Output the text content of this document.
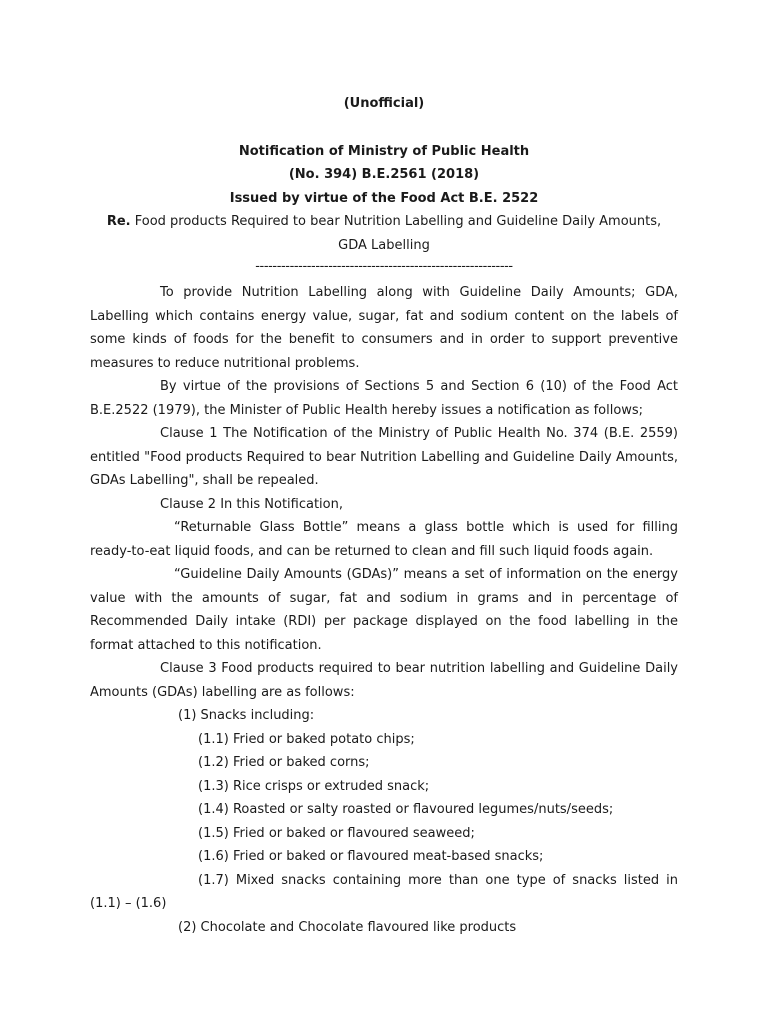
(Unofficial)
Notification of Ministry of Public Health
(No. 394) B.E.2561 (2018)
Issued by virtue of the Food Act B.E. 2522
Re. Food products Required to bear Nutrition Labelling and Guideline Daily Amounts,
GDA Labelling
------------------------------------------------------------

To provide Nutrition Labelling along with Guideline Daily Amounts; GDA, Labelling which contains energy value, sugar, fat and sodium content on the labels of some kinds of foods for the benefit to consumers and in order to support preventive measures to reduce nutritional problems.

By virtue of the provisions of Sections 5 and Section 6 (10) of the Food Act B.E.2522 (1979), the Minister of Public Health hereby issues a notification as follows;

Clause 1 The Notification of the Ministry of Public Health No. 374 (B.E. 2559) entitled "Food products Required to bear Nutrition Labelling and Guideline Daily Amounts, GDAs Labelling", shall be repealed.

Clause 2 In this Notification,

“Returnable Glass Bottle” means a glass bottle which is used for filling ready-to-eat liquid foods, and can be returned to clean and fill such liquid foods again.

“Guideline Daily Amounts (GDAs)” means a set of information on the energy value with the amounts of sugar, fat and sodium in grams and in percentage of Recommended Daily intake (RDI) per package displayed on the food labelling in the format attached to this notification.

Clause 3 Food products required to bear nutrition labelling and Guideline Daily Amounts (GDAs) labelling are as follows:

(1) Snacks including:
(1.1) Fried or baked potato chips;
(1.2) Fried or baked corns;
(1.3) Rice crisps or extruded snack;
(1.4) Roasted or salty roasted or flavoured legumes/nuts/seeds;
(1.5) Fried or baked or flavoured seaweed;
(1.6) Fried or baked or flavoured meat-based snacks;
(1.7) Mixed snacks containing more than one type of snacks listed in (1.1) – (1.6)
(2) Chocolate and Chocolate flavoured like products
